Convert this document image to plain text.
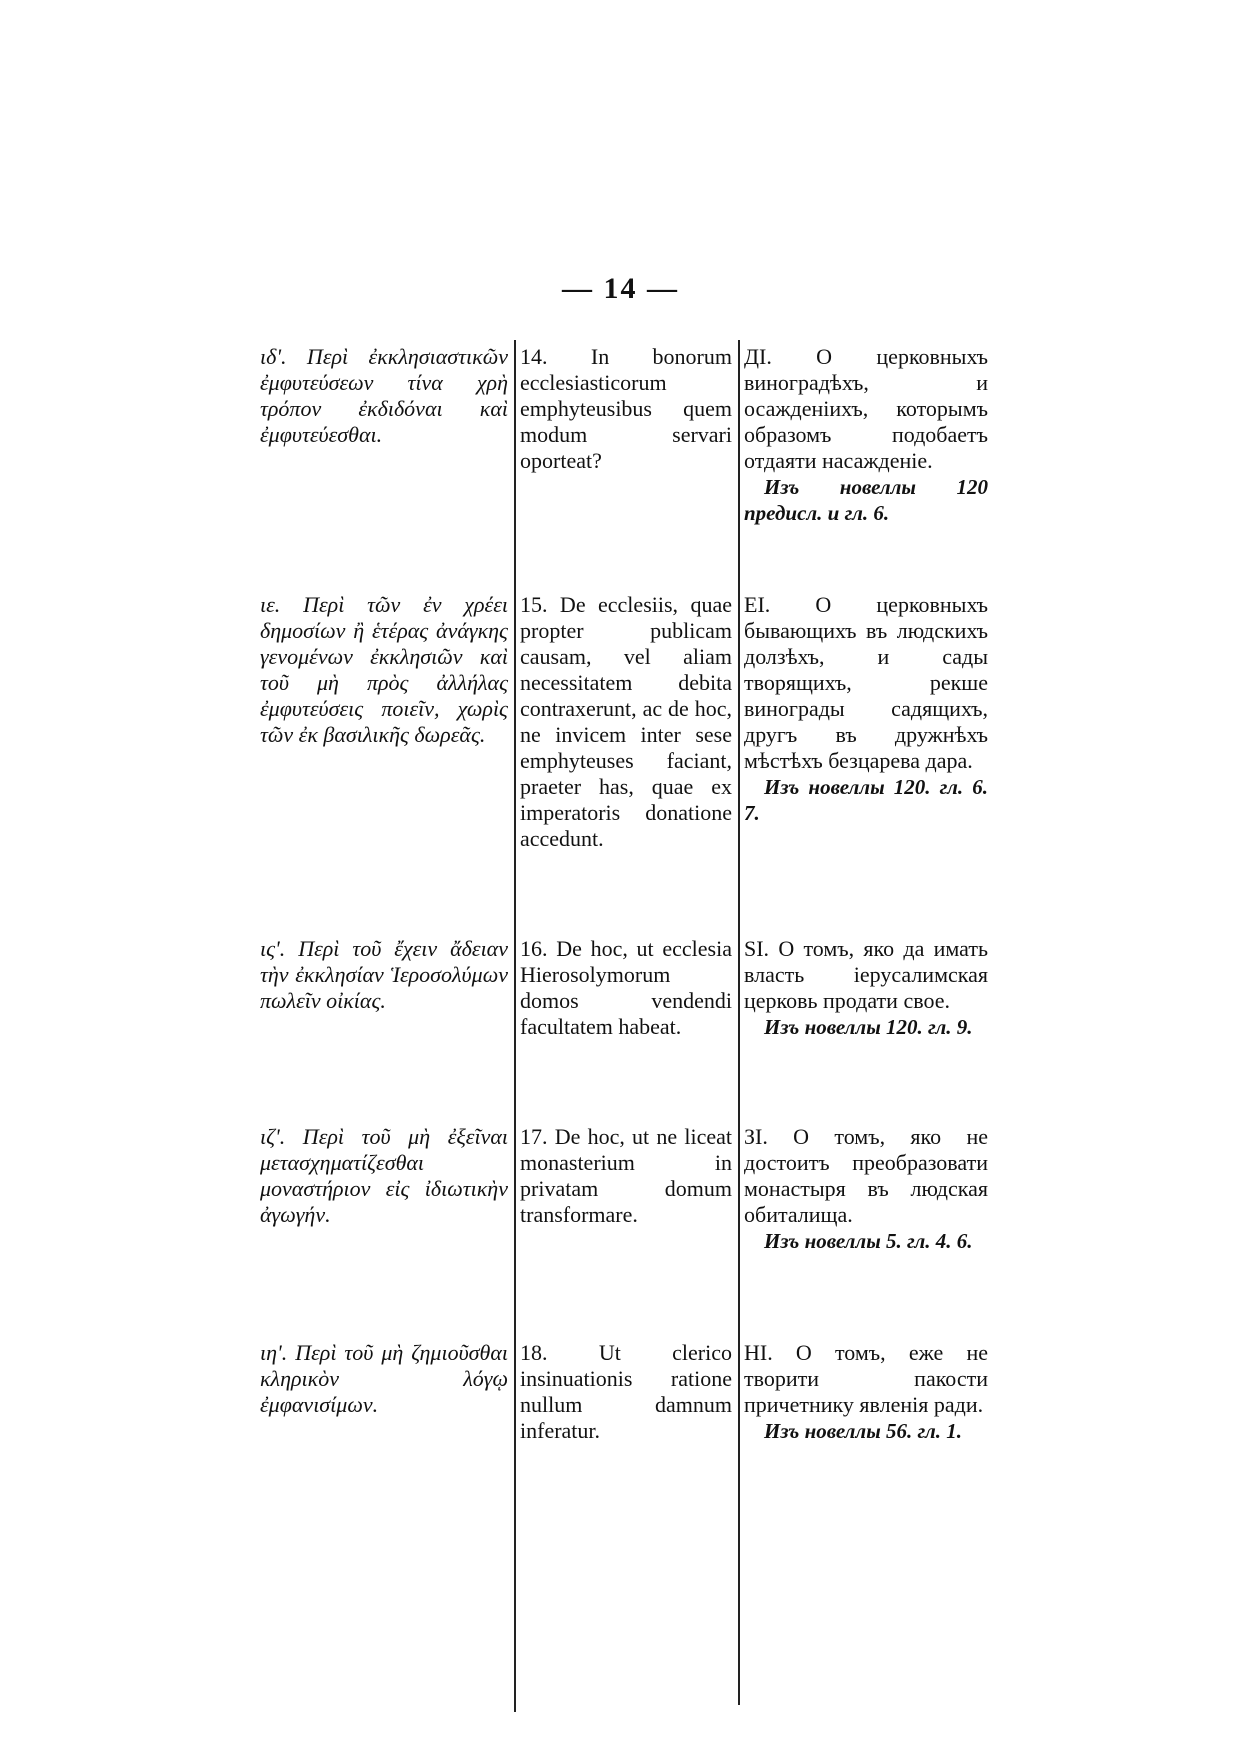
— 14 —
ιδ'. Περὶ ἐκκλησιαστικῶν ἐμφυτεύσεων τίνα χρὴ τρόπον ἐκδιδόναι καὶ ἐμφυτεύεσθαι.
14. In bonorum ecclesiasticorum emphyteusibus quem modum servari oporteat?
ДI. О церковныхъ виноградѣхъ, и осажденiихъ, которымъ образомъ подобаетъ отдаяти насажденiе.
Изъ новеллы 120 предисл. и гл. 6.
ιε. Περὶ τῶν ἐν χρέει δημοσίων ἢ ἑτέρας ἀνάγκης γενομένων ἐκκλησιῶν καὶ τοῦ μὴ πρὸς ἀλλήλας ἐμφυτεύσεις ποιεῖν, χωρὶς τῶν ἐκ βασιλικῆς δωρεᾶς.
15. De ecclesiis, quae propter publicam causam, vel aliam necessitatem debita contraxerunt, ac de hoc, ne invicem inter sese emphyteuses faciant, praeter has, quae ex imperatoris donatione accedunt.
ЕI. О церковныхъ бывающихъ въ людскихъ долзѣхъ, и сады творящихъ, рекше винограды садящихъ, другъ въ дружнѣхъ мѣстѣхъ безцарева дара.
Изъ новеллы 120. гл. 6. 7.
ις'. Περὶ τοῦ ἔχειν ἄδειαν τὴν ἐκκλησίαν Ἱεροσολύμων πωλεῖν οἰκίας.
16. De hoc, ut ecclesia Hierosolymorum domos vendendi facultatem habeat.
SI. О томъ, яко да имать власть iерусалимская церковь продати свое.
Изъ новеллы 120. гл. 9.
ιζ'. Περὶ τοῦ μὴ ἐξεῖναι μετασχηματίζεσθαι μοναστήριον εἰς ἰδιωτικὴν ἀγωγήν.
17. De hoc, ut ne liceat monasterium in privatam domum transformare.
ЗI. О томъ, яко не достоитъ преобразовати монастыря въ людская обиталища.
Изъ новеллы 5. гл. 4. 6.
ιη'. Περὶ τοῦ μὴ ζημιοῦσθαι κληρικὸν λόγῳ ἐμφανισίμων.
18. Ut clerico insinuationis ratione nullum damnum inferatur.
НI. О томъ, еже не творити пакости причетнику явленiя ради.
Изъ новеллы 56. гл. 1.
